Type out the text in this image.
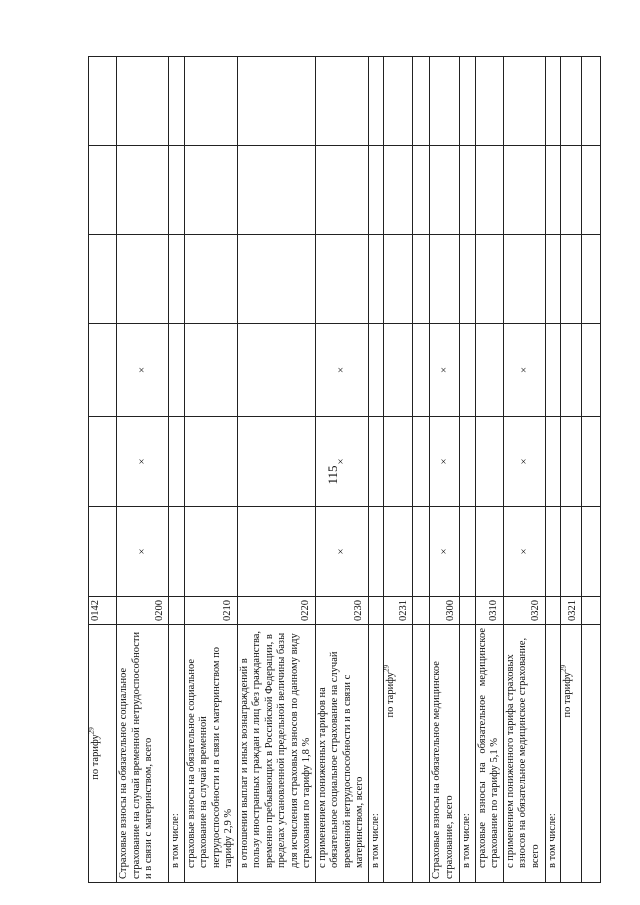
115
по тарифу$^{29}$	0142						
Страховые взносы на обязательное социальное страхование на случай временной нетрудоспособности и в связи с материнством, всего	0200	×	×	×			
в том числе:							
страховые взносы на обязательное социальное страхование на случай временной нетрудоспособности и в связи с материнством по тарифу 2,9 %	0210						
в отношении выплат и иных вознаграждений в пользу иностранных граждан и лиц без гражданства, временно пребывающих в Российской Федерации, в пределах установленной предельной величины базы для исчисления страховых взносов по данному виду страхования по тарифу 1,8 %	0220						
с применением пониженных тарифов на обязательное социальное страхование на случай временной нетрудоспособности и в связи с материнством, всего	0230	×	×	×			
в том числе:							
по тарифу$^{29}$	0231						

Страховые взносы на обязательное медицинское страхование, всего	0300	×	×	×			
в том числе:							
страховые взносы на обязательное медицинское страхование по тарифу 5,1 %	0310						
с применением пониженного тарифа страховых взносов на обязательное медицинское страхование, всего	0320	×	×	×			
в том числе:							
по тарифу$^{29}$	0321						
